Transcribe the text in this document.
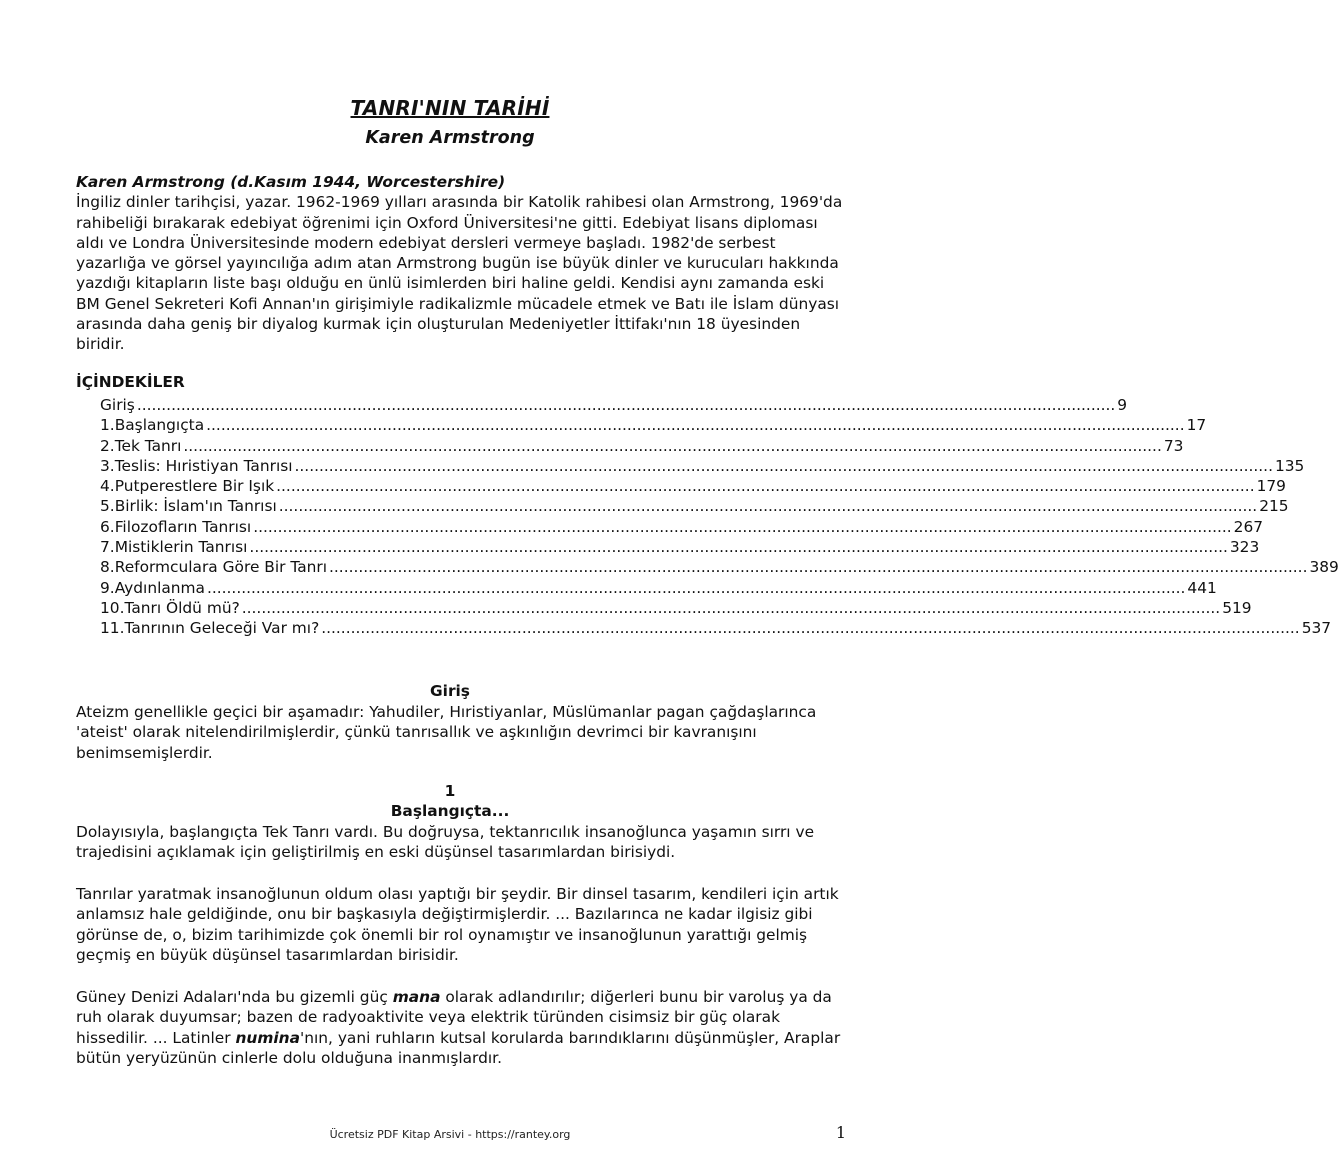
TANRI'NIN TARİHİ
Karen Armstrong
Karen Armstrong (d.Kasım 1944, Worcestershire)
İngiliz dinler tarihçisi, yazar. 1962-1969 yılları arasında bir Katolik rahibesi olan Armstrong, 1969'da rahibeliği bırakarak edebiyat öğrenimi için Oxford Üniversitesi'ne gitti. Edebiyat lisans diploması aldı ve Londra Üniversitesinde modern edebiyat dersleri vermeye başladı. 1982'de serbest yazarlığa ve görsel yayıncılığa adım atan Armstrong bugün ise büyük dinler ve kurucuları hakkında yazdığı kitapların liste başı olduğu en ünlü isimlerden biri haline geldi. Kendisi aynı zamanda eski BM Genel Sekreteri Kofi Annan'ın girişimiyle radikalizmle mücadele etmek ve Batı ile İslam dünyası arasında daha geniş bir diyalog kurmak için oluşturulan Medeniyetler İttifakı'nın 18 üyesinden biridir.
İÇİNDEKİLER
Giriş ........................................................................................................................................................................................................ 9
1. Başlangıçta ........................................................................................................................................................................................................ 17
2. Tek Tanrı ........................................................................................................................................................................................................ 73
3. Teslis: Hıristiyan Tanrısı ........................................................................................................................................................................................................ 135
4. Putperestlere Bir Işık ........................................................................................................................................................................................................ 179
5. Birlik: İslam'ın Tanrısı ........................................................................................................................................................................................................ 215
6. Filozofların Tanrısı ........................................................................................................................................................................................................ 267
7. Mistiklerin Tanrısı ........................................................................................................................................................................................................ 323
8. Reformculara Göre Bir Tanrı ........................................................................................................................................................................................................ 389
9. Aydınlanma ........................................................................................................................................................................................................ 441
10. Tanrı Öldü mü? ........................................................................................................................................................................................................ 519
11. Tanrının Geleceği Var mı? ........................................................................................................................................................................................................ 537
Giriş
Ateizm genellikle geçici bir aşamadır: Yahudiler, Hıristiyanlar, Müslümanlar pagan çağdaşlarınca 'ateist' olarak nitelendirilmişlerdir, çünkü tanrısallık ve aşkınlığın devrimci bir kavranışını benimsemişlerdir.
1
Başlangıçta...
Dolayısıyla, başlangıçta Tek Tanrı vardı. Bu doğruysa, tektanrıcılık insanoğlunca yaşamın sırrı ve trajedisini açıklamak için geliştirilmiş en eski düşünsel tasarımlardan birisiydi.
Tanrılar yaratmak insanoğlunun oldum olası yaptığı bir şeydir. Bir dinsel tasarım, kendileri için artık anlamsız hale geldiğinde, onu bir başkasıyla değiştirmişlerdir. ... Bazılarınca ne kadar ilgisiz gibi görünse de, o, bizim tarihimizde çok önemli bir rol oynamıştır ve insanoğlunun yarattığı gelmiş geçmiş en büyük düşünsel tasarımlardan birisidir.
Güney Denizi Adaları'nda bu gizemli güç mana olarak adlandırılır; diğerleri bunu bir varoluş ya da ruh olarak duyumsar; bazen de radyoaktivite veya elektrik türünden cisimsiz bir güç olarak hissedilir. ... Latinler numina'nın, yani ruhların kutsal korularda barındıklarını düşünmüşler, Araplar bütün yeryüzünün cinlerle dolu olduğuna inanmışlardır.
1
Ücretsiz PDF Kitap Arsivi - https://rantey.org
